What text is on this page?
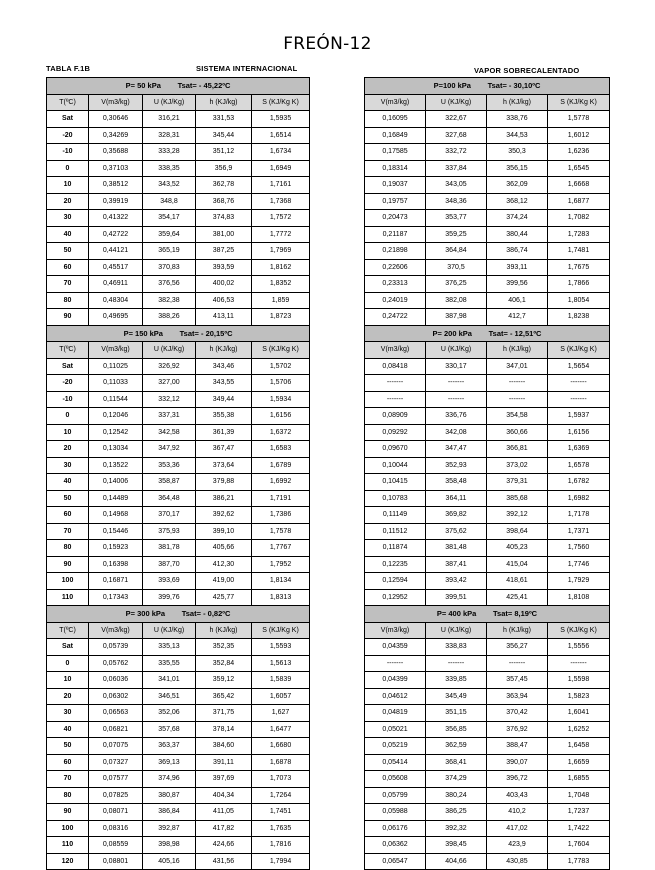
FREÓN-12
TABLA F.1B	SISTEMA INTERNACIONAL	VAPOR SOBRECALENTADO
P= 50 kPa Tsat= - 45,22ºC				
T(ºC)	V(m3/kg)	U (KJ/Kg)	h (KJ/kg)	S (KJ/Kg K)
Sat	0,30646	316,21	331,53	1,5935
-20	0,34269	328,31	345,44	1,6514
-10	0,35688	333,28	351,12	1,6734
0	0,37103	338,35	356,9	1,6949
10	0,38512	343,52	362,78	1,7161
20	0,39919	348,8	368,76	1,7368
30	0,41322	354,17	374,83	1,7572
40	0,42722	359,64	381,00	1,7772
50	0,44121	365,19	387,25	1,7969
60	0,45517	370,83	393,59	1,8162
70	0,46911	376,56	400,02	1,8352
80	0,48304	382,38	406,53	1,859
90	0,49695	388,26	413,11	1,8723
P= 150 kPa Tsat= - 20,15ºC				
T(ºC)	V(m3/kg)	U (KJ/Kg)	h (KJ/kg)	S (KJ/Kg K)
Sat	0,11025	326,92	343,46	1,5702
-20	0,11033	327,00	343,55	1,5706
-10	0,11544	332,12	349,44	1,5934
0	0,12046	337,31	355,38	1,6156
10	0,12542	342,58	361,39	1,6372
20	0,13034	347,92	367,47	1,6583
30	0,13522	353,36	373,64	1,6789
40	0,14006	358,87	379,88	1,6992
50	0,14489	364,48	386,21	1,7191
60	0,14968	370,17	392,62	1,7386
70	0,15446	375,93	399,10	1,7578
80	0,15923	381,78	405,66	1,7767
90	0,16398	387,70	412,30	1,7952
100	0,16871	393,69	419,00	1,8134
110	0,17343	399,76	425,77	1,8313
P= 300 kPa Tsat= - 0,82ºC				
T(ºC)	V(m3/kg)	U (KJ/Kg)	h (KJ/kg)	S (KJ/Kg K)
Sat	0,05739	335,13	352,35	1,5593
0	0,05762	335,55	352,84	1,5613
10	0,06036	341,01	359,12	1,5839
20	0,06302	346,51	365,42	1,6057
30	0,06563	352,06	371,75	1,627
40	0,06821	357,68	378,14	1,6477
50	0,07075	363,37	384,60	1,6680
60	0,07327	369,13	391,11	1,6878
70	0,07577	374,96	397,69	1,7073
80	0,07825	380,87	404,34	1,7264
90	0,08071	386,84	411,05	1,7451
100	0,08316	392,87	417,82	1,7635
110	0,08559	398,98	424,66	1,7816
120	0,08801	405,16	431,56	1,7994
P=100 kPa Tsat= - 30,10ºC			
V(m3/kg)	U (KJ/Kg)	h (KJ/kg)	S (KJ/Kg K)
0,16095	322,67	338,76	1,5778
0,16849	327,68	344,53	1,6012
0,17585	332,72	350,3	1,6236
0,18314	337,84	356,15	1,6545
0,19037	343,05	362,09	1,6668
0,19757	348,36	368,12	1,6877
0,20473	353,77	374,24	1,7082
0,21187	359,25	380,44	1,7283
0,21898	364,84	386,74	1,7481
0,22606	370,5	393,11	1,7675
0,23313	376,25	399,56	1,7866
0,24019	382,08	406,1	1,8054
0,24722	387,98	412,7	1,8238
P= 200 kPa Tsat= - 12,51ºC			
V(m3/kg)	U (KJ/Kg)	h (KJ/kg)	S (KJ/Kg K)
0,08418	330,17	347,01	1,5654
-------	-------	-------	-------
-------	-------	-------	-------
0,08909	336,76	354,58	1,5937
0,09292	342,08	360,66	1,6156
0,09670	347,47	366,81	1,6369
0,10044	352,93	373,02	1,6578
0,10415	358,48	379,31	1,6782
0,10783	364,11	385,68	1,6982
0,11149	369,82	392,12	1,7178
0,11512	375,62	398,64	1,7371
0,11874	381,48	405,23	1,7560
0,12235	387,41	415,04	1,7746
0,12594	393,42	418,61	1,7929
0,12952	399,51	425,41	1,8108
P= 400 kPa Tsat= 8,19ºC			
V(m3/kg)	U (KJ/Kg)	h (KJ/kg)	S (KJ/Kg K)
0,04359	338,83	356,27	1,5556
-------	-------	-------	-------
0,04399	339,85	357,45	1,5598
0,04612	345,49	363,94	1,5823
0,04819	351,15	370,42	1,6041
0,05021	356,85	376,92	1,6252
0,05219	362,59	388,47	1,6458
0,05414	368,41	390,07	1,6659
0,05608	374,29	396,72	1,6855
0,05799	380,24	403,43	1,7048
0,05988	386,25	410,2	1,7237
0,06176	392,32	417,02	1,7422
0,06362	398,45	423,9	1,7604
0,06547	404,66	430,85	1,7783
